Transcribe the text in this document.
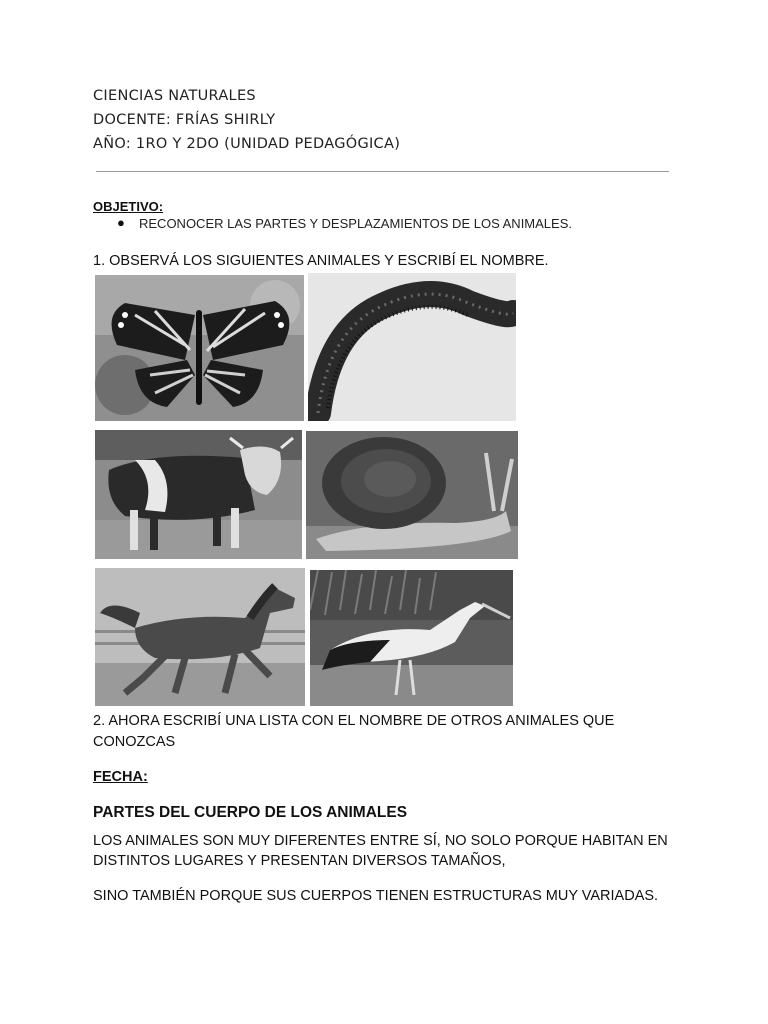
CIENCIAS NATURALES
DOCENTE: FRÍAS SHIRLY
AÑO: 1RO Y 2DO (UNIDAD PEDAGÓGICA)
OBJETIVO:
● RECONOCER LAS PARTES Y DESPLAZAMIENTOS DE LOS ANIMALES.
1. OBSERVÁ LOS SIGUIENTES ANIMALES Y ESCRIBÍ EL NOMBRE.
2. AHORA ESCRIBÍ UNA LISTA CON EL NOMBRE DE OTROS ANIMALES QUE
CONOZCAS
FECHA:
PARTES DEL CUERPO DE LOS ANIMALES
LOS ANIMALES SON MUY DIFERENTES ENTRE SÍ, NO SOLO PORQUE HABITAN EN
DISTINTOS LUGARES Y PRESENTAN DIVERSOS TAMAÑOS,
SINO TAMBIÉN PORQUE SUS CUERPOS TIENEN ESTRUCTURAS MUY VARIADAS.
